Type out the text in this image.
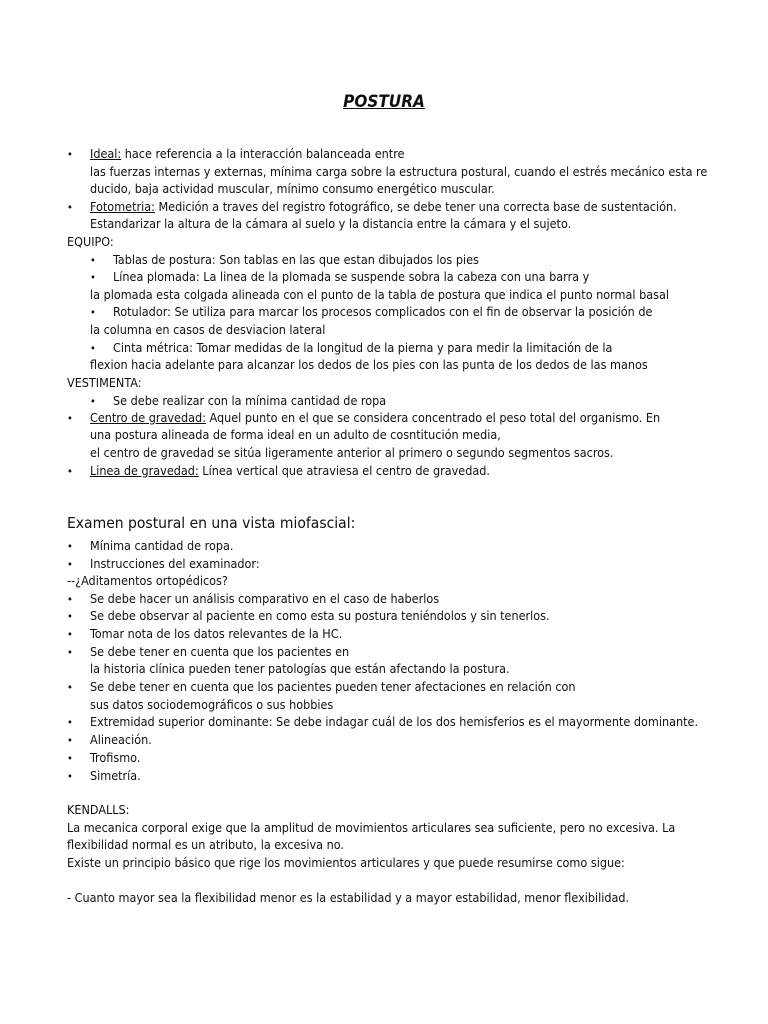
POSTURA
• Ideal: hace referencia a la interacción balanceada entre
las fuerzas internas y externas, mínima carga sobre la estructura postural, cuando el estrés mecánico esta re
ducido, baja actividad muscular, mínimo consumo energético muscular.
• Fotometria: Medición a traves del registro fotográfico, se debe tener una correcta base de sustentación.
Estandarizar la altura de la cámara al suelo y la distancia entre la cámara y el sujeto.
EQUIPO:
• Tablas de postura: Son tablas en las que estan dibujados los pies
• Línea plomada: La linea de la plomada se suspende sobra la cabeza con una barra y
la plomada esta colgada alineada con el punto de la tabla de postura que indica el punto normal basal
• Rotulador: Se utiliza para marcar los procesos complicados con el fin de observar la posición de
la columna en casos de desviacion lateral
• Cinta métrica: Tomar medidas de la longitud de la pierna y para medir la limitación de la
flexion hacia adelante para alcanzar los dedos de los pies con las punta de los dedos de las manos
VESTIMENTA:
• Se debe realizar con la mínima cantidad de ropa
• Centro de gravedad: Aquel punto en el que se considera concentrado el peso total del organismo. En
una postura alineada de forma ideal en un adulto de cosntitución media,
el centro de gravedad se sitúa ligeramente anterior al primero o segundo segmentos sacros.
• Linea de gravedad: Línea vertical que atraviesa el centro de gravedad.
Examen postural en una vista miofascial:
• Mínima cantidad de ropa.
• Instrucciones del examinador:
--¿Aditamentos ortopédicos?
• Se debe hacer un análisis comparativo en el caso de haberlos
• Se debe observar al paciente en como esta su postura teniéndolos y sin tenerlos.
• Tomar nota de los datos relevantes de la HC.
• Se debe tener en cuenta que los pacientes en
la historia clínica pueden tener patologías que están afectando la postura.
• Se debe tener en cuenta que los pacientes pueden tener afectaciones en relación con
sus datos sociodemográficos o sus hobbies
• Extremidad superior dominante: Se debe indagar cuál de los dos hemisferios es el mayormente dominante.
• Alineación.
• Trofismo.
• Simetría.
KENDALLS:
La mecanica corporal exige que la amplitud de movimientos articulares sea suficiente, pero no excesiva. La
flexibilidad normal es un atributo, la excesiva no.
Existe un principio básico que rige los movimientos articulares y que puede resumirse como sigue:
- Cuanto mayor sea la flexibilidad menor es la estabilidad y a mayor estabilidad, menor flexibilidad.
